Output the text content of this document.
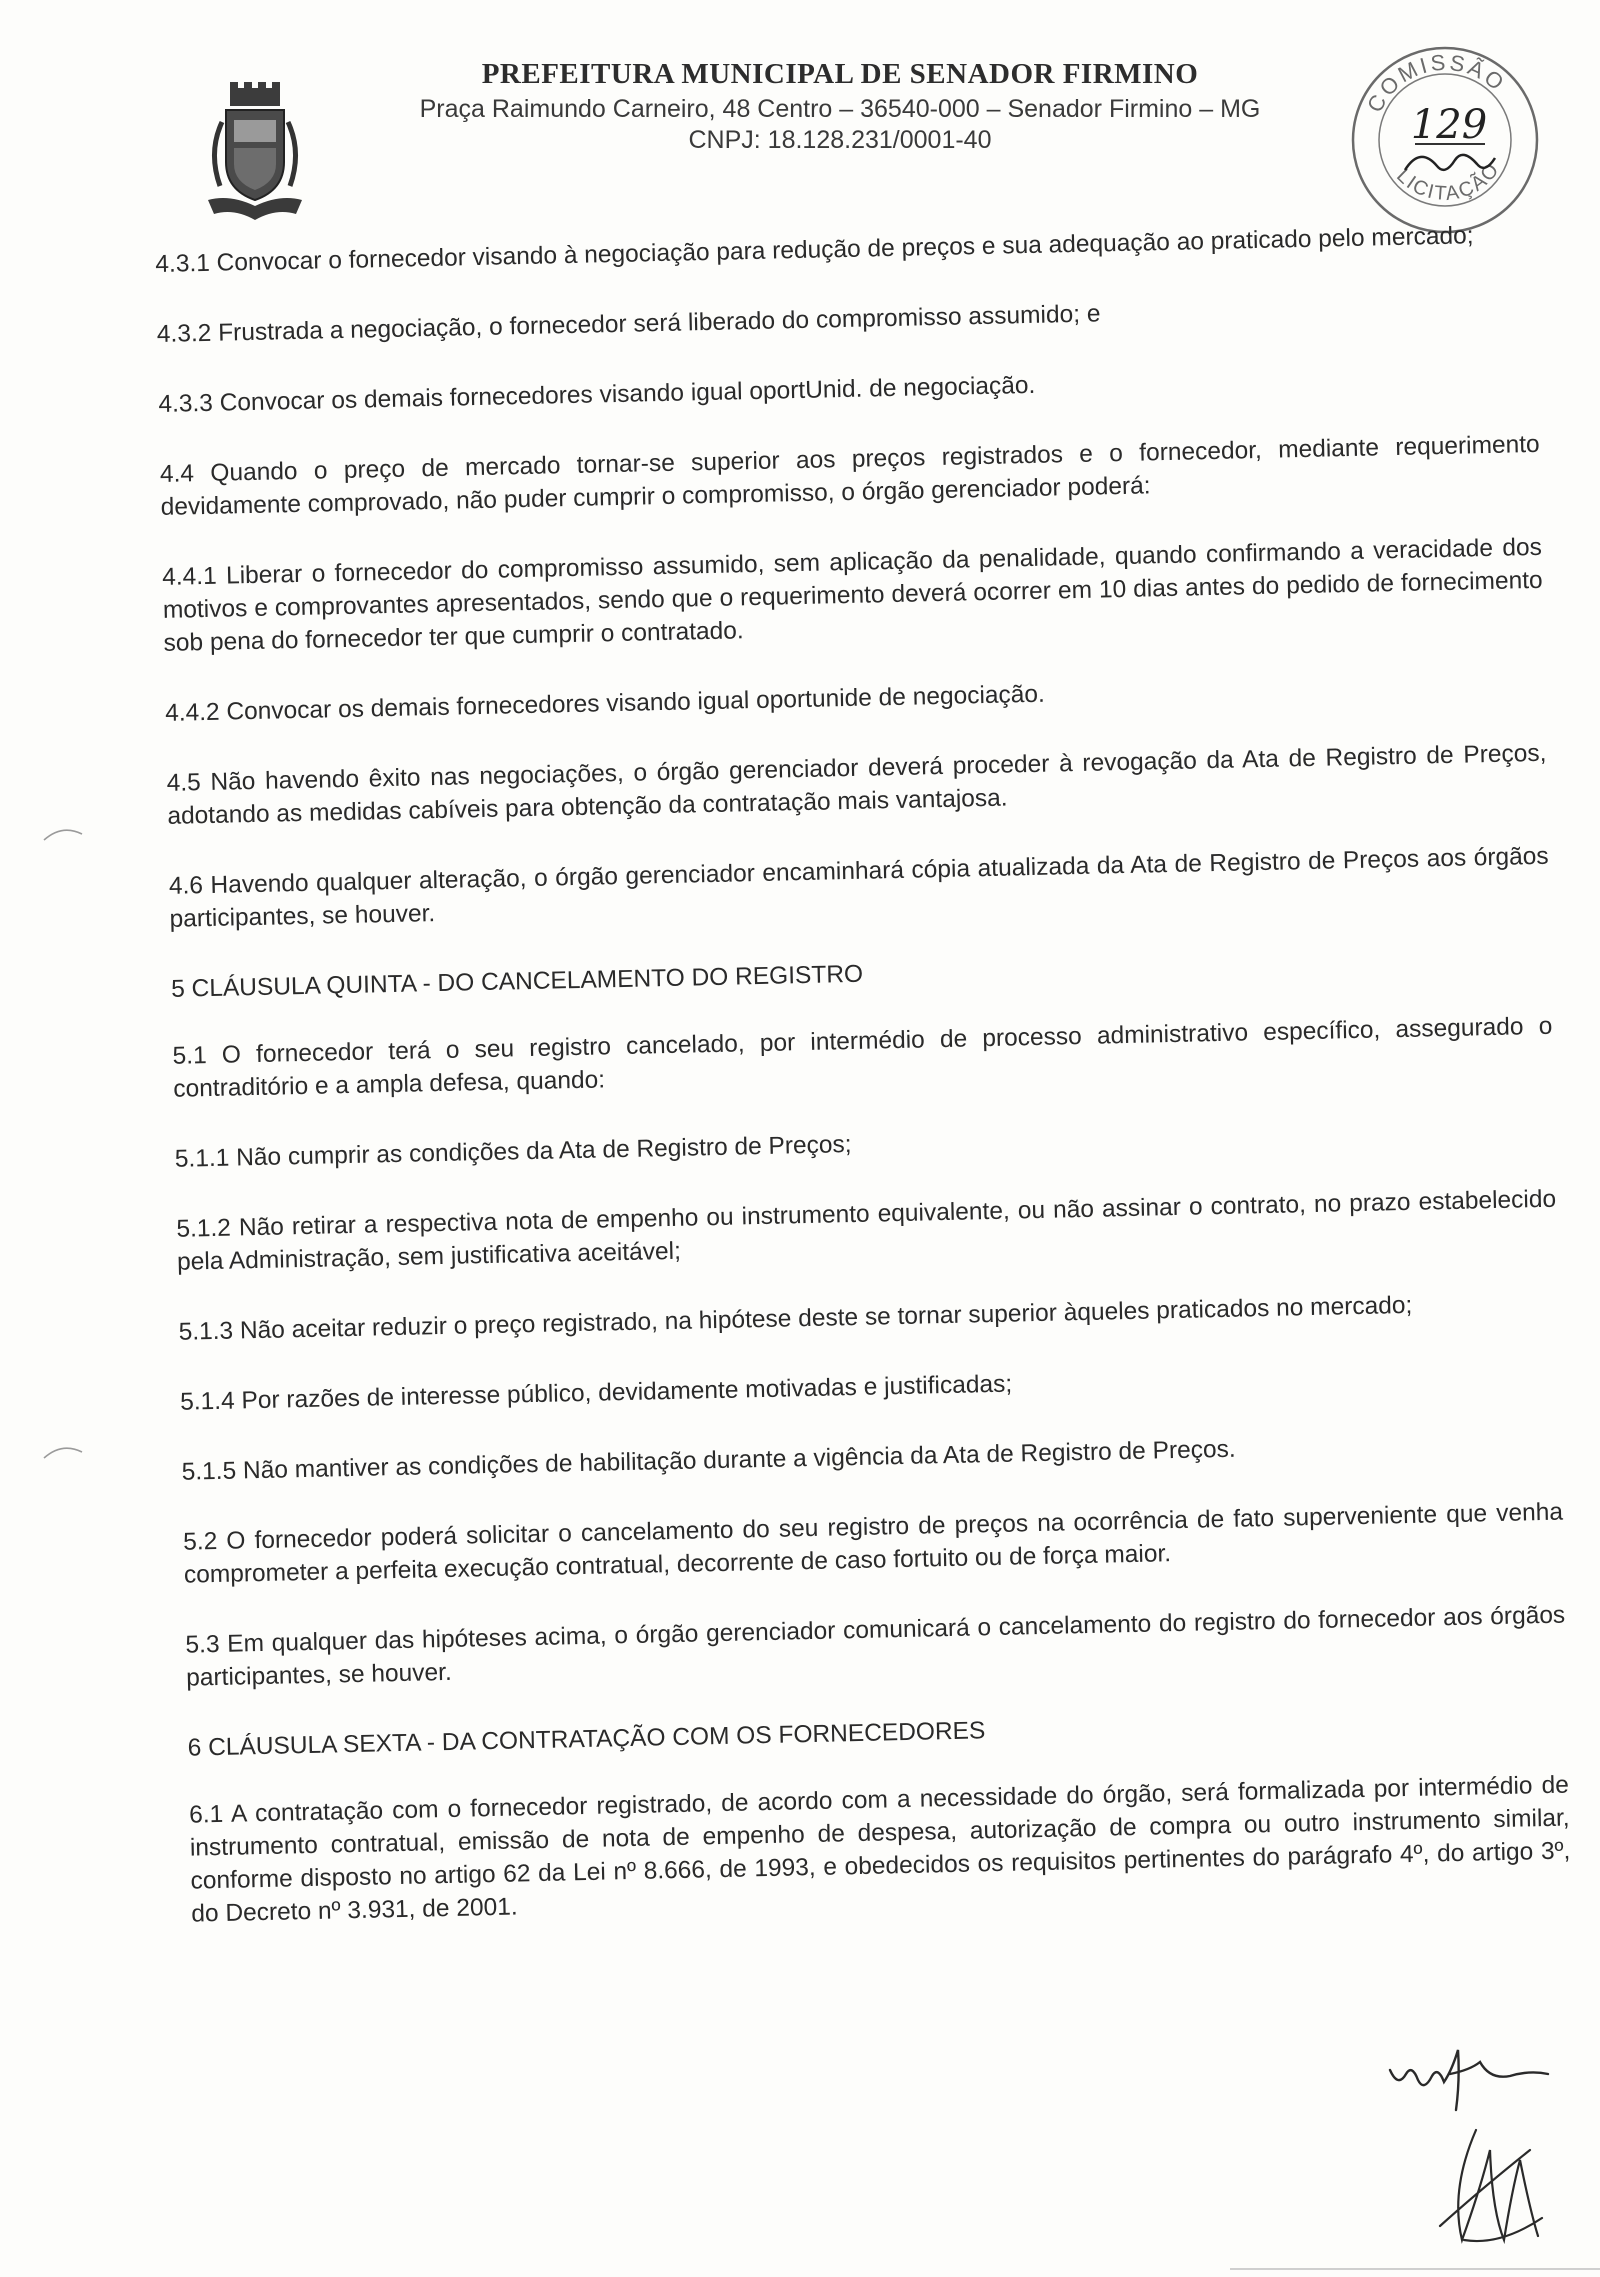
PREFEITURA MUNICIPAL DE SENADOR FIRMINO
Praça Raimundo Carneiro, 48 Centro – 36540-000 – Senador Firmino – MG
CNPJ: 18.128.231/0001-40
COMISSÃO
LICITAÇÃO
129

4.3.1 Convocar o fornecedor visando à negociação para redução de preços e sua adequação ao praticado pelo mercado;

4.3.2 Frustrada a negociação, o fornecedor será liberado do compromisso assumido; e

4.3.3 Convocar os demais fornecedores visando igual oportUnid. de negociação.

4.4 Quando o preço de mercado tornar-se superior aos preços registrados e o fornecedor, mediante requerimento devidamente comprovado, não puder cumprir o compromisso, o órgão gerenciador poderá:

4.4.1 Liberar o fornecedor do compromisso assumido, sem aplicação da penalidade, quando confirmando a veracidade dos motivos e comprovantes apresentados, sendo que o requerimento deverá ocorrer em 10 dias antes do pedido de fornecimento sob pena do fornecedor ter que cumprir o contratado.

4.4.2 Convocar os demais fornecedores visando igual oportunide de negociação.

4.5 Não havendo êxito nas negociações, o órgão gerenciador deverá proceder à revogação da Ata de Registro de Preços, adotando as medidas cabíveis para obtenção da contratação mais vantajosa.

4.6 Havendo qualquer alteração, o órgão gerenciador encaminhará cópia atualizada da Ata de Registro de Preços aos órgãos participantes, se houver.

5 CLÁUSULA QUINTA - DO CANCELAMENTO DO REGISTRO

5.1 O fornecedor terá o seu registro cancelado, por intermédio de processo administrativo específico, assegurado o contraditório e a ampla defesa, quando:

5.1.1 Não cumprir as condições da Ata de Registro de Preços;

5.1.2 Não retirar a respectiva nota de empenho ou instrumento equivalente, ou não assinar o contrato, no prazo estabelecido pela Administração, sem justificativa aceitável;

5.1.3 Não aceitar reduzir o preço registrado, na hipótese deste se tornar superior àqueles praticados no mercado;

5.1.4 Por razões de interesse público, devidamente motivadas e justificadas;

5.1.5 Não mantiver as condições de habilitação durante a vigência da Ata de Registro de Preços.

5.2 O fornecedor poderá solicitar o cancelamento do seu registro de preços na ocorrência de fato superveniente que venha comprometer a perfeita execução contratual, decorrente de caso fortuito ou de força maior.

5.3 Em qualquer das hipóteses acima, o órgão gerenciador comunicará o cancelamento do registro do fornecedor aos órgãos participantes, se houver.

6 CLÁUSULA SEXTA - DA CONTRATAÇÃO COM OS FORNECEDORES

6.1 A contratação com o fornecedor registrado, de acordo com a necessidade do órgão, será formalizada por intermédio de instrumento contratual, emissão de nota de empenho de despesa, autorização de compra ou outro instrumento similar, conforme disposto no artigo 62 da Lei nº 8.666, de 1993, e obedecidos os requisitos pertinentes do parágrafo 4º, do artigo 3º, do Decreto nº 3.931, de 2001.
